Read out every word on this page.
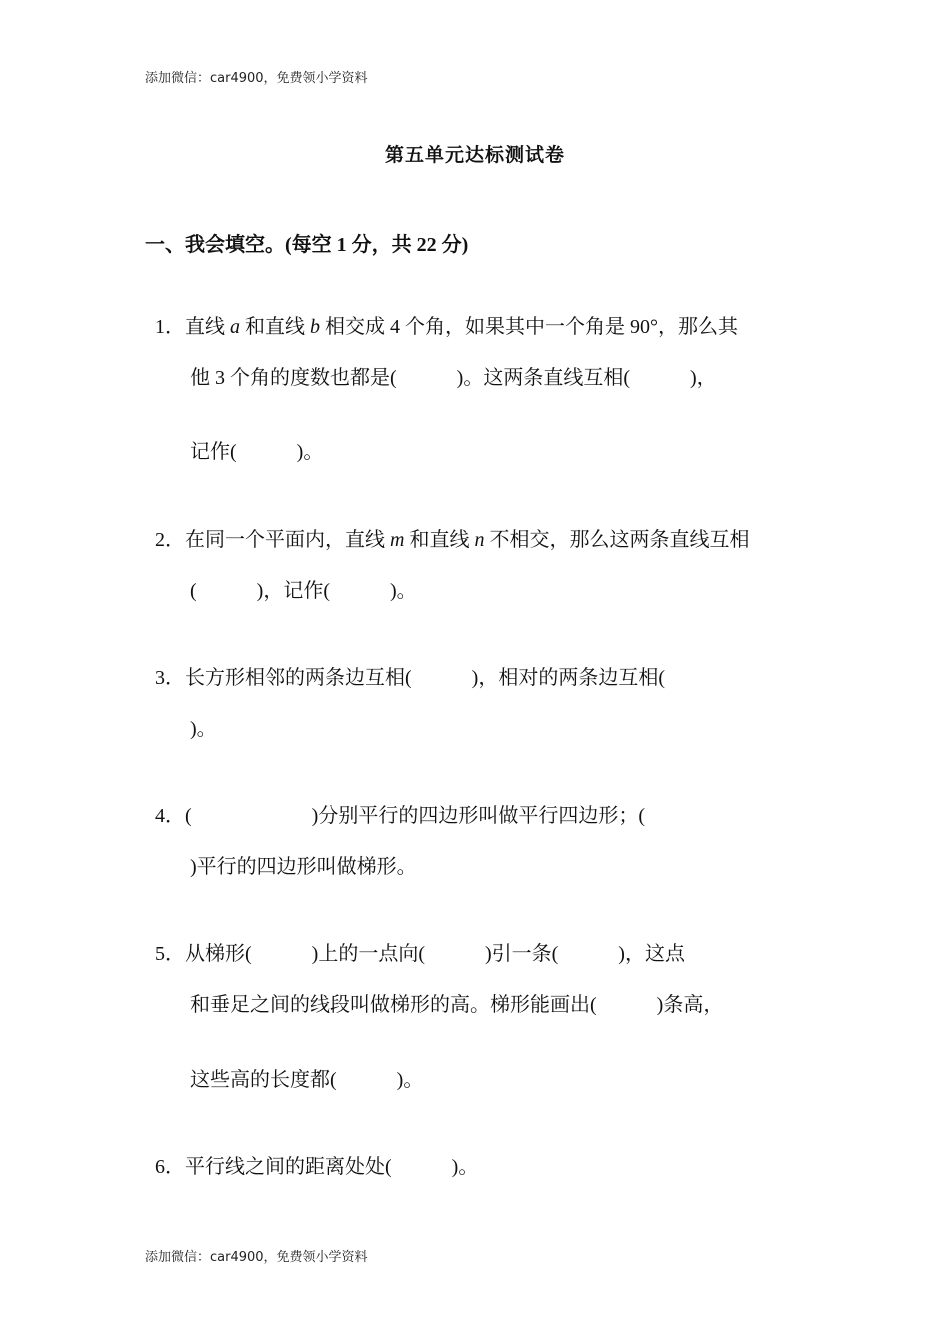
添加微信：car4900，免费领小学资料
第五单元达标测试卷
一、我会填空。(每空 1 分，共 22 分)

1．直线 a 和直线 b 相交成 4 个角，如果其中一个角是 90°，那么其

他 3 个角的度数也都是(            )。这两条直线互相(            )，
记作(            )。

2．在同一个平面内，直线 m 和直线 n 不相交，那么这两条直线互相

(            )，记作(            )。

3．长方形相邻的两条边互相(            )，相对的两条边互相(

)。

4．(                        )分别平行的四边形叫做平行四边形；(

)平行的四边形叫做梯形。

5．从梯形(            )上的一点向(            )引一条(            )，这点

和垂足之间的线段叫做梯形的高。梯形能画出(            )条高，
这些高的长度都(            )。

6．平行线之间的距离处处(            )。

添加微信：car4900，免费领小学资料
